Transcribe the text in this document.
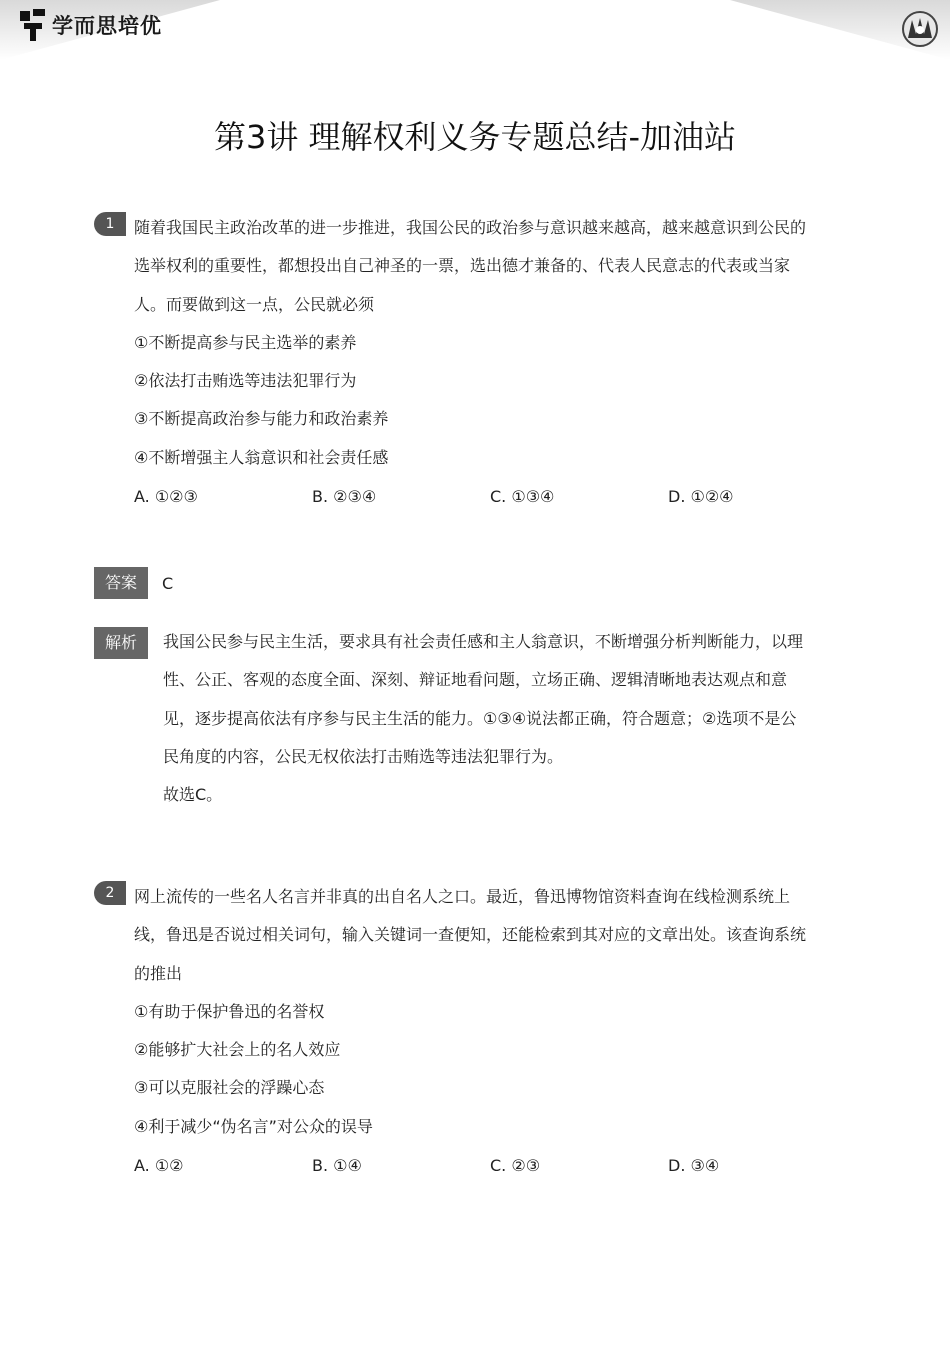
学而思培优
第3讲 理解权利义务专题总结-加油站
1	随着我国民主政治改革的进一步推进，我国公民的政治参与意识越来越高，越来越意识到公民的
选举权利的重要性，都想投出自己神圣的一票，选出德才兼备的、代表人民意志的代表或当家
人。而要做到这一点，公民就必须
①不断提高参与民主选举的素养
②依法打击贿选等违法犯罪行为
③不断提高政治参与能力和政治素养
④不断增强主人翁意识和社会责任感
A. ①②③	B. ②③④	C. ①③④	D. ①②④
答案	C
解析	我国公民参与民主生活，要求具有社会责任感和主人翁意识，不断增强分析判断能力，以理
性、公正、客观的态度全面、深刻、辩证地看问题，立场正确、逻辑清晰地表达观点和意
见，逐步提高依法有序参与民主生活的能力。①③④说法都正确，符合题意；②选项不是公
民角度的内容，公民无权依法打击贿选等违法犯罪行为。
故选C。
2	网上流传的一些名人名言并非真的出自名人之口。最近，鲁迅博物馆资料查询在线检测系统上
线，鲁迅是否说过相关词句，输入关键词一查便知，还能检索到其对应的文章出处。该查询系统
的推出
①有助于保护鲁迅的名誉权
②能够扩大社会上的名人效应
③可以克服社会的浮躁心态
④利于减少“伪名言”对公众的误导
A. ①②	B. ①④	C. ②③	D. ③④
